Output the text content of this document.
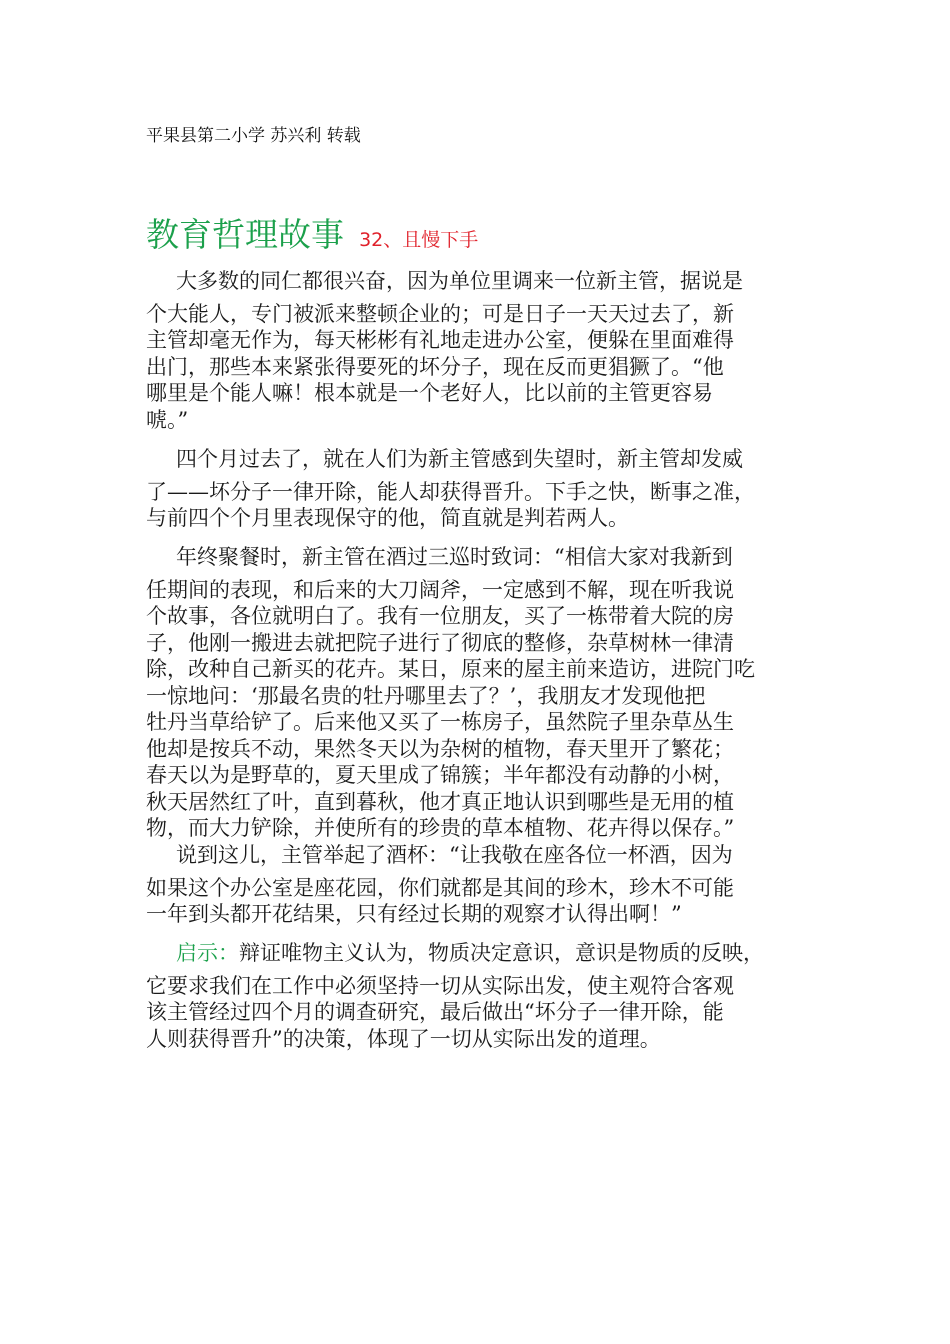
平果县第二小学 苏兴利 转载
教育哲理故事 32、且慢下手
大多数的同仁都很兴奋，因为单位里调来一位新主管，据说是
个大能人，专门被派来整顿企业的；可是日子一天天过去了，新
主管却毫无作为，每天彬彬有礼地走进办公室，便躲在里面难得
出门，那些本来紧张得要死的坏分子，现在反而更猖獗了。“他
哪里是个能人嘛！根本就是一个老好人，比以前的主管更容易
唬。”
四个月过去了，就在人们为新主管感到失望时，新主管却发威
了——坏分子一律开除，能人却获得晋升。下手之快，断事之准，
与前四个个月里表现保守的他，简直就是判若两人。
年终聚餐时，新主管在酒过三巡时致词：“相信大家对我新到
任期间的表现，和后来的大刀阔斧，一定感到不解，现在听我说
个故事，各位就明白了。我有一位朋友，买了一栋带着大院的房
子，他刚一搬进去就把院子进行了彻底的整修，杂草树林一律清
除，改种自己新买的花卉。某日，原来的屋主前来造访，进院门吃
一惊地问：‘那最名贵的牡丹哪里去了？’，我朋友才发现他把
牡丹当草给铲了。后来他又买了一栋房子，虽然院子里杂草丛生
他却是按兵不动，果然冬天以为杂树的植物，春天里开了繁花；
春天以为是野草的，夏天里成了锦簇；半年都没有动静的小树，
秋天居然红了叶，直到暮秋，他才真正地认识到哪些是无用的植
物，而大力铲除，并使所有的珍贵的草本植物、花卉得以保存。”
说到这儿，主管举起了酒杯：“让我敬在座各位一杯酒，因为
如果这个办公室是座花园，你们就都是其间的珍木，珍木不可能
一年到头都开花结果，只有经过长期的观察才认得出啊！”
启示：辩证唯物主义认为，物质决定意识，意识是物质的反映，
它要求我们在工作中必须坚持一切从实际出发，使主观符合客观
该主管经过四个月的调查研究，最后做出“坏分子一律开除，能
人则获得晋升”的决策，体现了一切从实际出发的道理。
